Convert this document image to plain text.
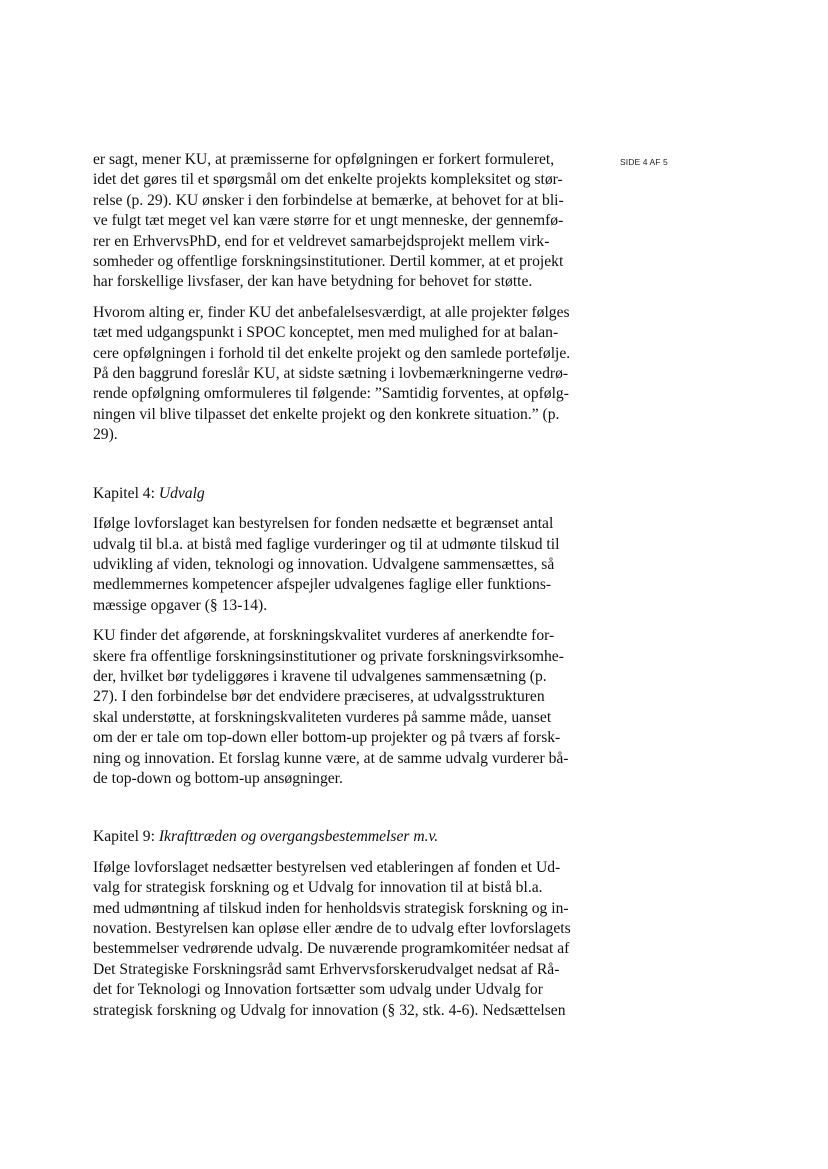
SIDE 4 AF 5

er sagt, mener KU, at præmisserne for opfølgningen er forkert formuleret,
idet det gøres til et spørgsmål om det enkelte projekts kompleksitet og stør-
relse (p. 29). KU ønsker i den forbindelse at bemærke, at behovet for at bli-
ve fulgt tæt meget vel kan være større for et ungt menneske, der gennemfø-
rer en ErhvervsPhD, end for et veldrevet samarbejdsprojekt mellem virk-
somheder og offentlige forskningsinstitutioner. Dertil kommer, at et projekt
har forskellige livsfaser, der kan have betydning for behovet for støtte.

Hvorom alting er, finder KU det anbefalelsesværdigt, at alle projekter følges
tæt med udgangspunkt i SPOC konceptet, men med mulighed for at balan-
cere opfølgningen i forhold til det enkelte projekt og den samlede portefølje.
På den baggrund foreslår KU, at sidste sætning i lovbemærkningerne vedrø-
rende opfølgning omformuleres til følgende: ”Samtidig forventes, at opfølg-
ningen vil blive tilpasset det enkelte projekt og den konkrete situation.” (p.
29).

Kapitel 4: Udvalg

Ifølge lovforslaget kan bestyrelsen for fonden nedsætte et begrænset antal
udvalg til bl.a. at bistå med faglige vurderinger og til at udmønte tilskud til
udvikling af viden, teknologi og innovation. Udvalgene sammensættes, så
medlemmernes kompetencer afspejler udvalgenes faglige eller funktions-
mæssige opgaver (§ 13-14).

KU finder det afgørende, at forskningskvalitet vurderes af anerkendte for-
skere fra offentlige forskningsinstitutioner og private forskningsvirksomhe-
der, hvilket bør tydeliggøres i kravene til udvalgenes sammensætning (p.
27). I den forbindelse bør det endvidere præciseres, at udvalgsstrukturen
skal understøtte, at forskningskvaliteten vurderes på samme måde, uanset
om der er tale om top-down eller bottom-up projekter og på tværs af forsk-
ning og innovation. Et forslag kunne være, at de samme udvalg vurderer bå-
de top-down og bottom-up ansøgninger.

Kapitel 9: Ikrafttræden og overgangsbestemmelser m.v.

Ifølge lovforslaget nedsætter bestyrelsen ved etableringen af fonden et Ud-
valg for strategisk forskning og et Udvalg for innovation til at bistå bl.a.
med udmøntning af tilskud inden for henholdsvis strategisk forskning og in-
novation. Bestyrelsen kan opløse eller ændre de to udvalg efter lovforslagets
bestemmelser vedrørende udvalg. De nuværende programkomitéer nedsat af
Det Strategiske Forskningsråd samt Erhvervsforskerudvalget nedsat af Rå-
det for Teknologi og Innovation fortsætter som udvalg under Udvalg for
strategisk forskning og Udvalg for innovation (§ 32, stk. 4-6). Nedsættelsen
